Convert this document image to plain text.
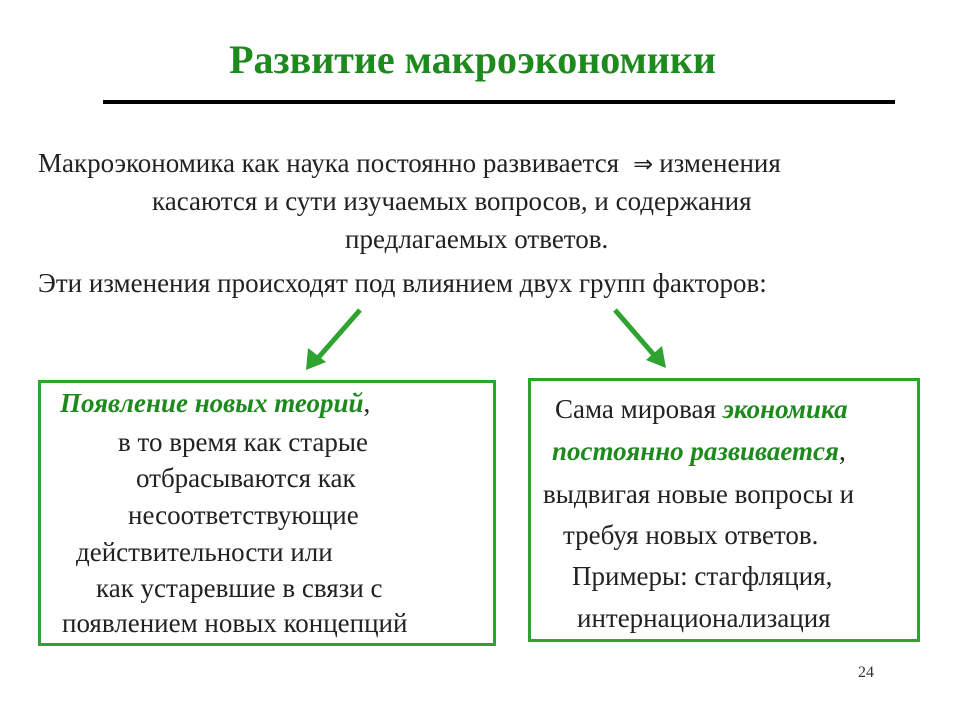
Развитие макроэкономики
Макроэкономика как наука постоянно развивается ⇒ изменения
касаются и сути изучаемых вопросов, и содержания
предлагаемых ответов.
Эти изменения происходят под влиянием двух групп факторов:
Появление новых теорий,
в то время как старые
отбрасываются как
несоответствующие
действительности или
как устаревшие в связи с
появлением новых концепций
Сама мировая экономика
постоянно развивается,
выдвигая новые вопросы и
требуя новых ответов.
Примеры: стагфляция,
интернационализация
24
